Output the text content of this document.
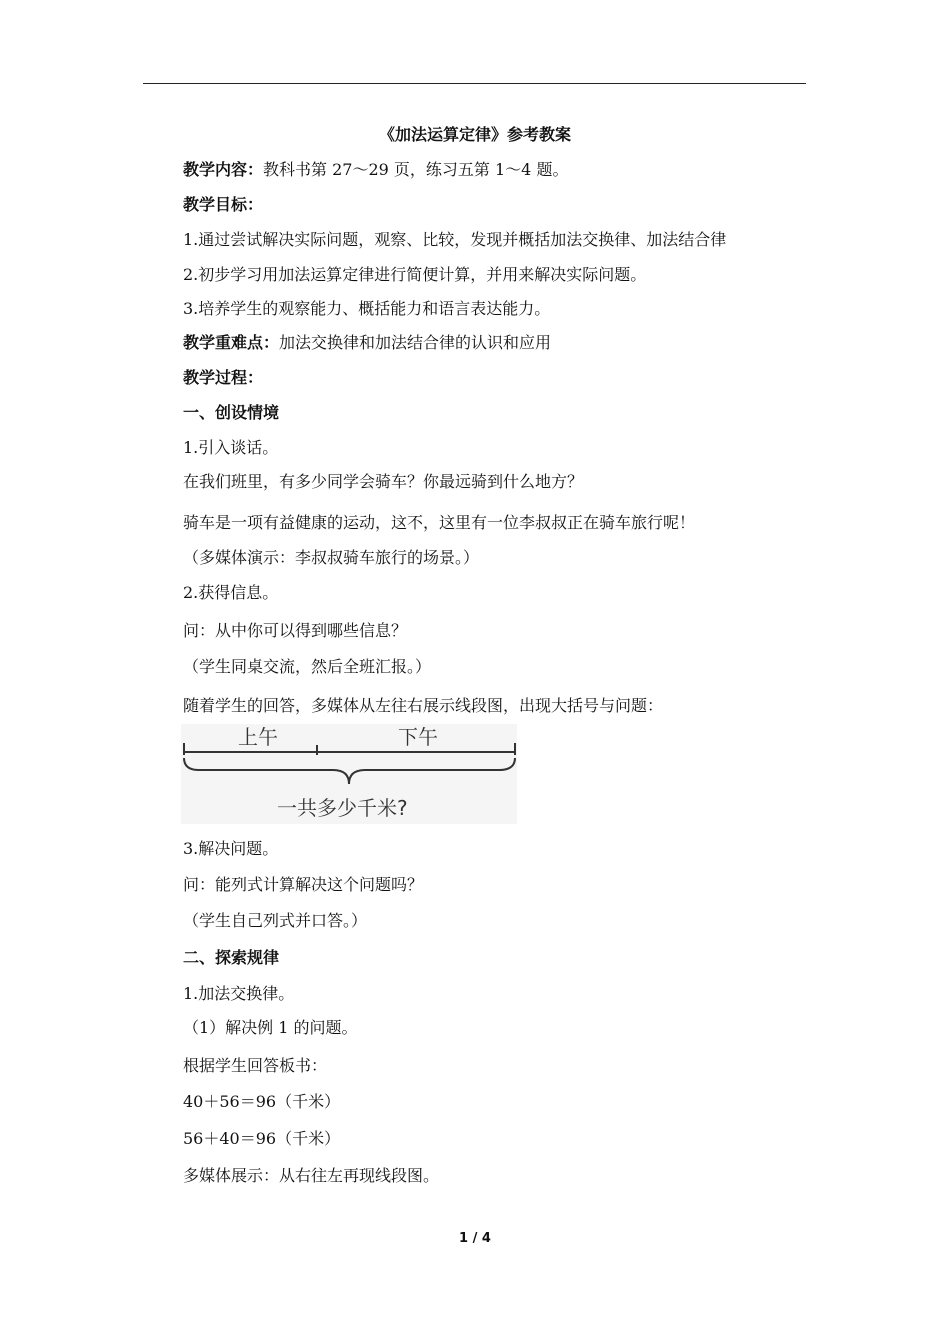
《加法运算定律》参考教案
教学内容：教科书第 27～29 页，练习五第 1～4 题。
教学目标：
1.通过尝试解决实际问题，观察、比较，发现并概括加法交换律、加法结合律
2.初步学习用加法运算定律进行简便计算，并用来解决实际问题。
3.培养学生的观察能力、概括能力和语言表达能力。
教学重难点：加法交换律和加法结合律的认识和应用
教学过程：
一、创设情境
1.引入谈话。
在我们班里，有多少同学会骑车？你最远骑到什么地方？
骑车是一项有益健康的运动，这不，这里有一位李叔叔正在骑车旅行呢！
（多媒体演示：李叔叔骑车旅行的场景。）
2.获得信息。
问：从中你可以得到哪些信息？
（学生同桌交流，然后全班汇报。）
随着学生的回答，多媒体从左往右展示线段图，出现大括号与问题：
上午	下午
一共多少千米?
3.解决问题。
问：能列式计算解决这个问题吗？
（学生自己列式并口答。）
二、探索规律
1.加法交换律。
（1）解决例 1 的问题。
根据学生回答板书：
40＋56＝96（千米）
56＋40＝96（千米）
多媒体展示：从右往左再现线段图。
1 / 4
